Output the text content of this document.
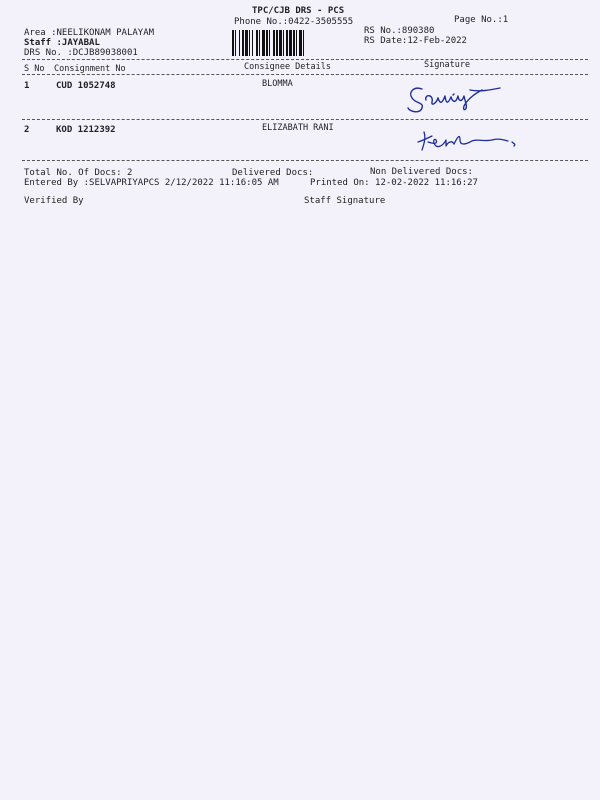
TPC/CJB DRS - PCS
Phone No.:0422-3505555	Page No.:1
Area :NEELIKONAM PALAYAM
Staff :JAYABAL
DRS No. :DCJB89038001
RS No.:890380
RS Date:12-Feb-2022
S No Consignment No	Consignee Details	Signature
1	CUD 1052748	BLOMMA
2	KOD 1212392	ELIZABATH RANI
Total No. Of Docs: 2	Delivered Docs:	Non Delivered Docs:
Entered By :SELVAPRIYAPCS 2/12/2022 11:16:05 AM	Printed On: 12-02-2022 11:16:27
Verified By	Staff Signature
